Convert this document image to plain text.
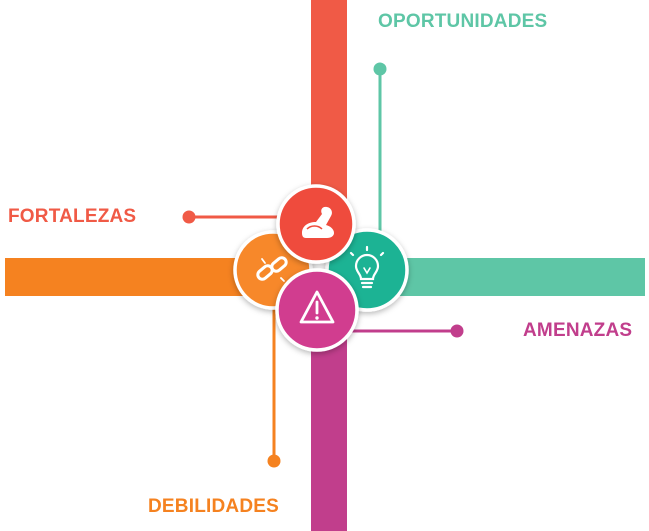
OPORTUNIDADES
FORTALEZAS
AMENAZAS
DEBILIDADES
